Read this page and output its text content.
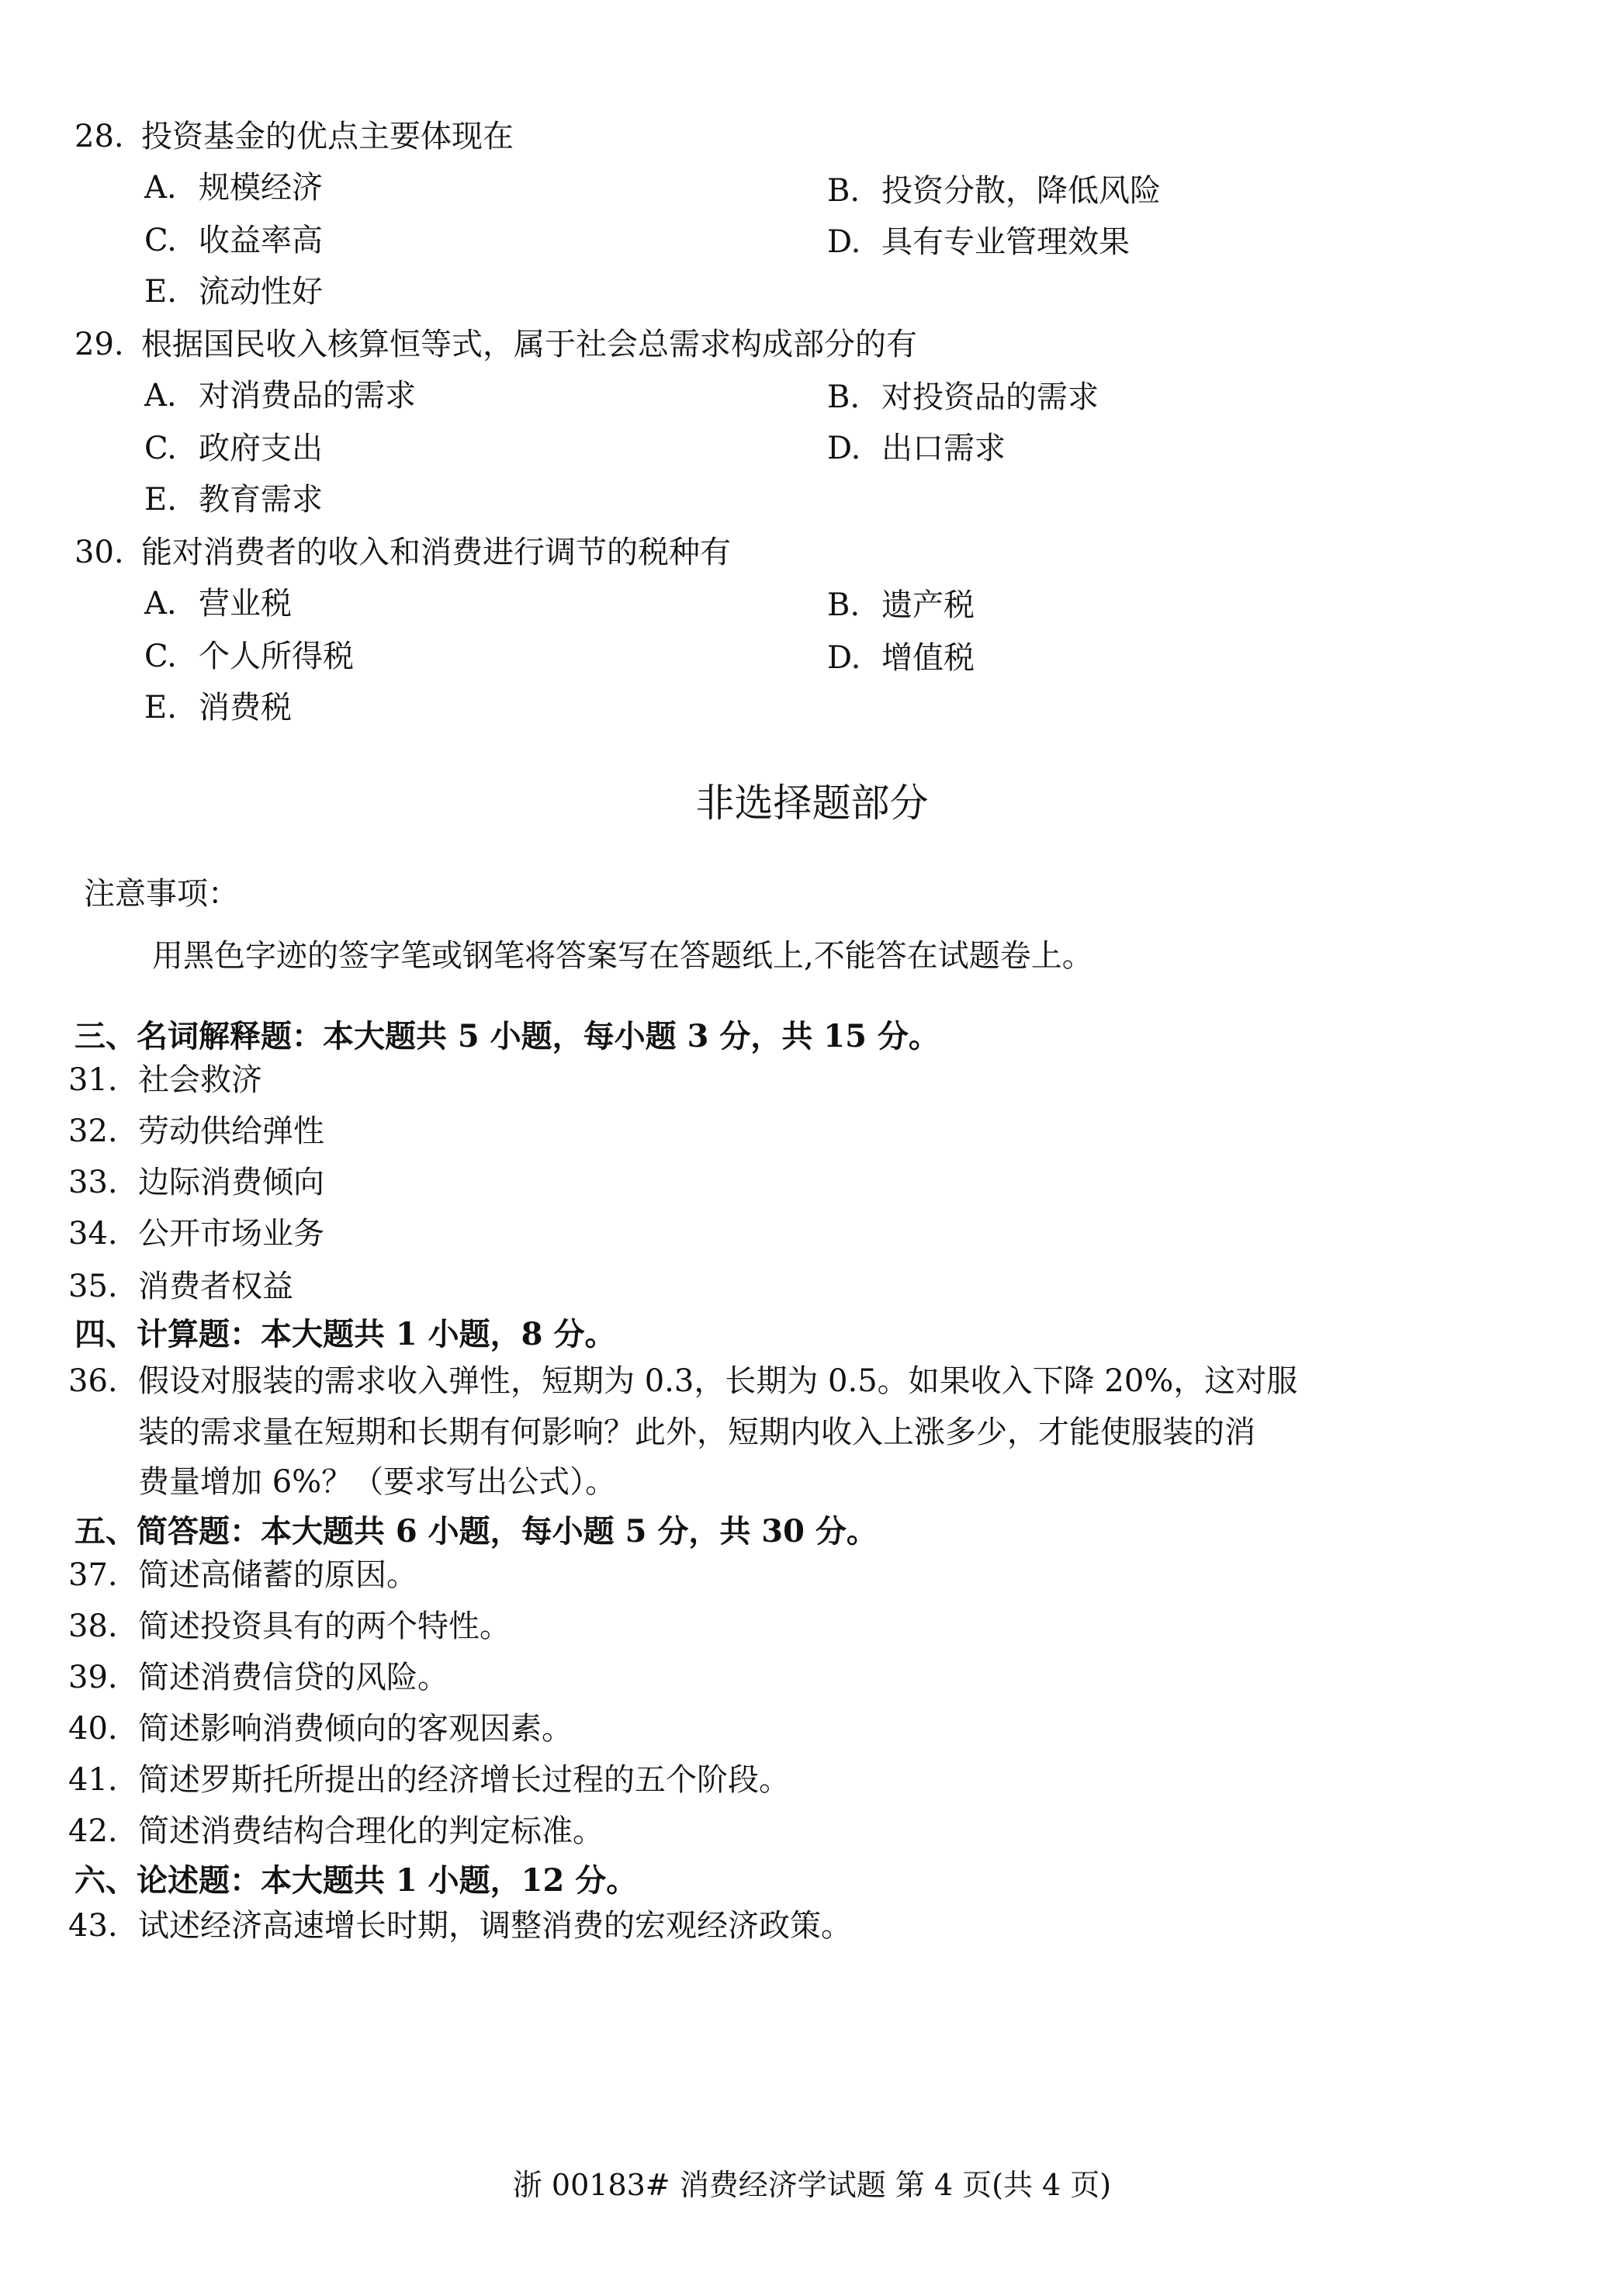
28. 投资基金的优点主要体现在
A. 规模经济	B. 投资分散，降低风险
C. 收益率高	D. 具有专业管理效果
E. 流动性好
29. 根据国民收入核算恒等式，属于社会总需求构成部分的有
A. 对消费品的需求	B. 对投资品的需求
C. 政府支出	D. 出口需求
E. 教育需求
30. 能对消费者的收入和消费进行调节的税种有
A. 营业税	B. 遗产税
C. 个人所得税	D. 增值税
E. 消费税
非选择题部分
注意事项：
用黑色字迹的签字笔或钢笔将答案写在答题纸上,不能答在试题卷上。
三、名词解释题：本大题共 5 小题，每小题 3 分，共 15 分。
31. 社会救济
32. 劳动供给弹性
33. 边际消费倾向
34. 公开市场业务
35. 消费者权益
四、计算题：本大题共 1 小题，8 分。
36. 假设对服装的需求收入弹性，短期为 0.3，长期为 0.5。如果收入下降 20%，这对服
装的需求量在短期和长期有何影响？此外，短期内收入上涨多少，才能使服装的消
费量增加 6%？（要求写出公式）。
五、简答题：本大题共 6 小题，每小题 5 分，共 30 分。
37. 简述高储蓄的原因。
38. 简述投资具有的两个特性。
39. 简述消费信贷的风险。
40. 简述影响消费倾向的客观因素。
41. 简述罗斯托所提出的经济增长过程的五个阶段。
42. 简述消费结构合理化的判定标准。
六、论述题：本大题共 1 小题，12 分。
43. 试述经济高速增长时期，调整消费的宏观经济政策。
浙 00183# 消费经济学试题 第 4 页(共 4 页)
